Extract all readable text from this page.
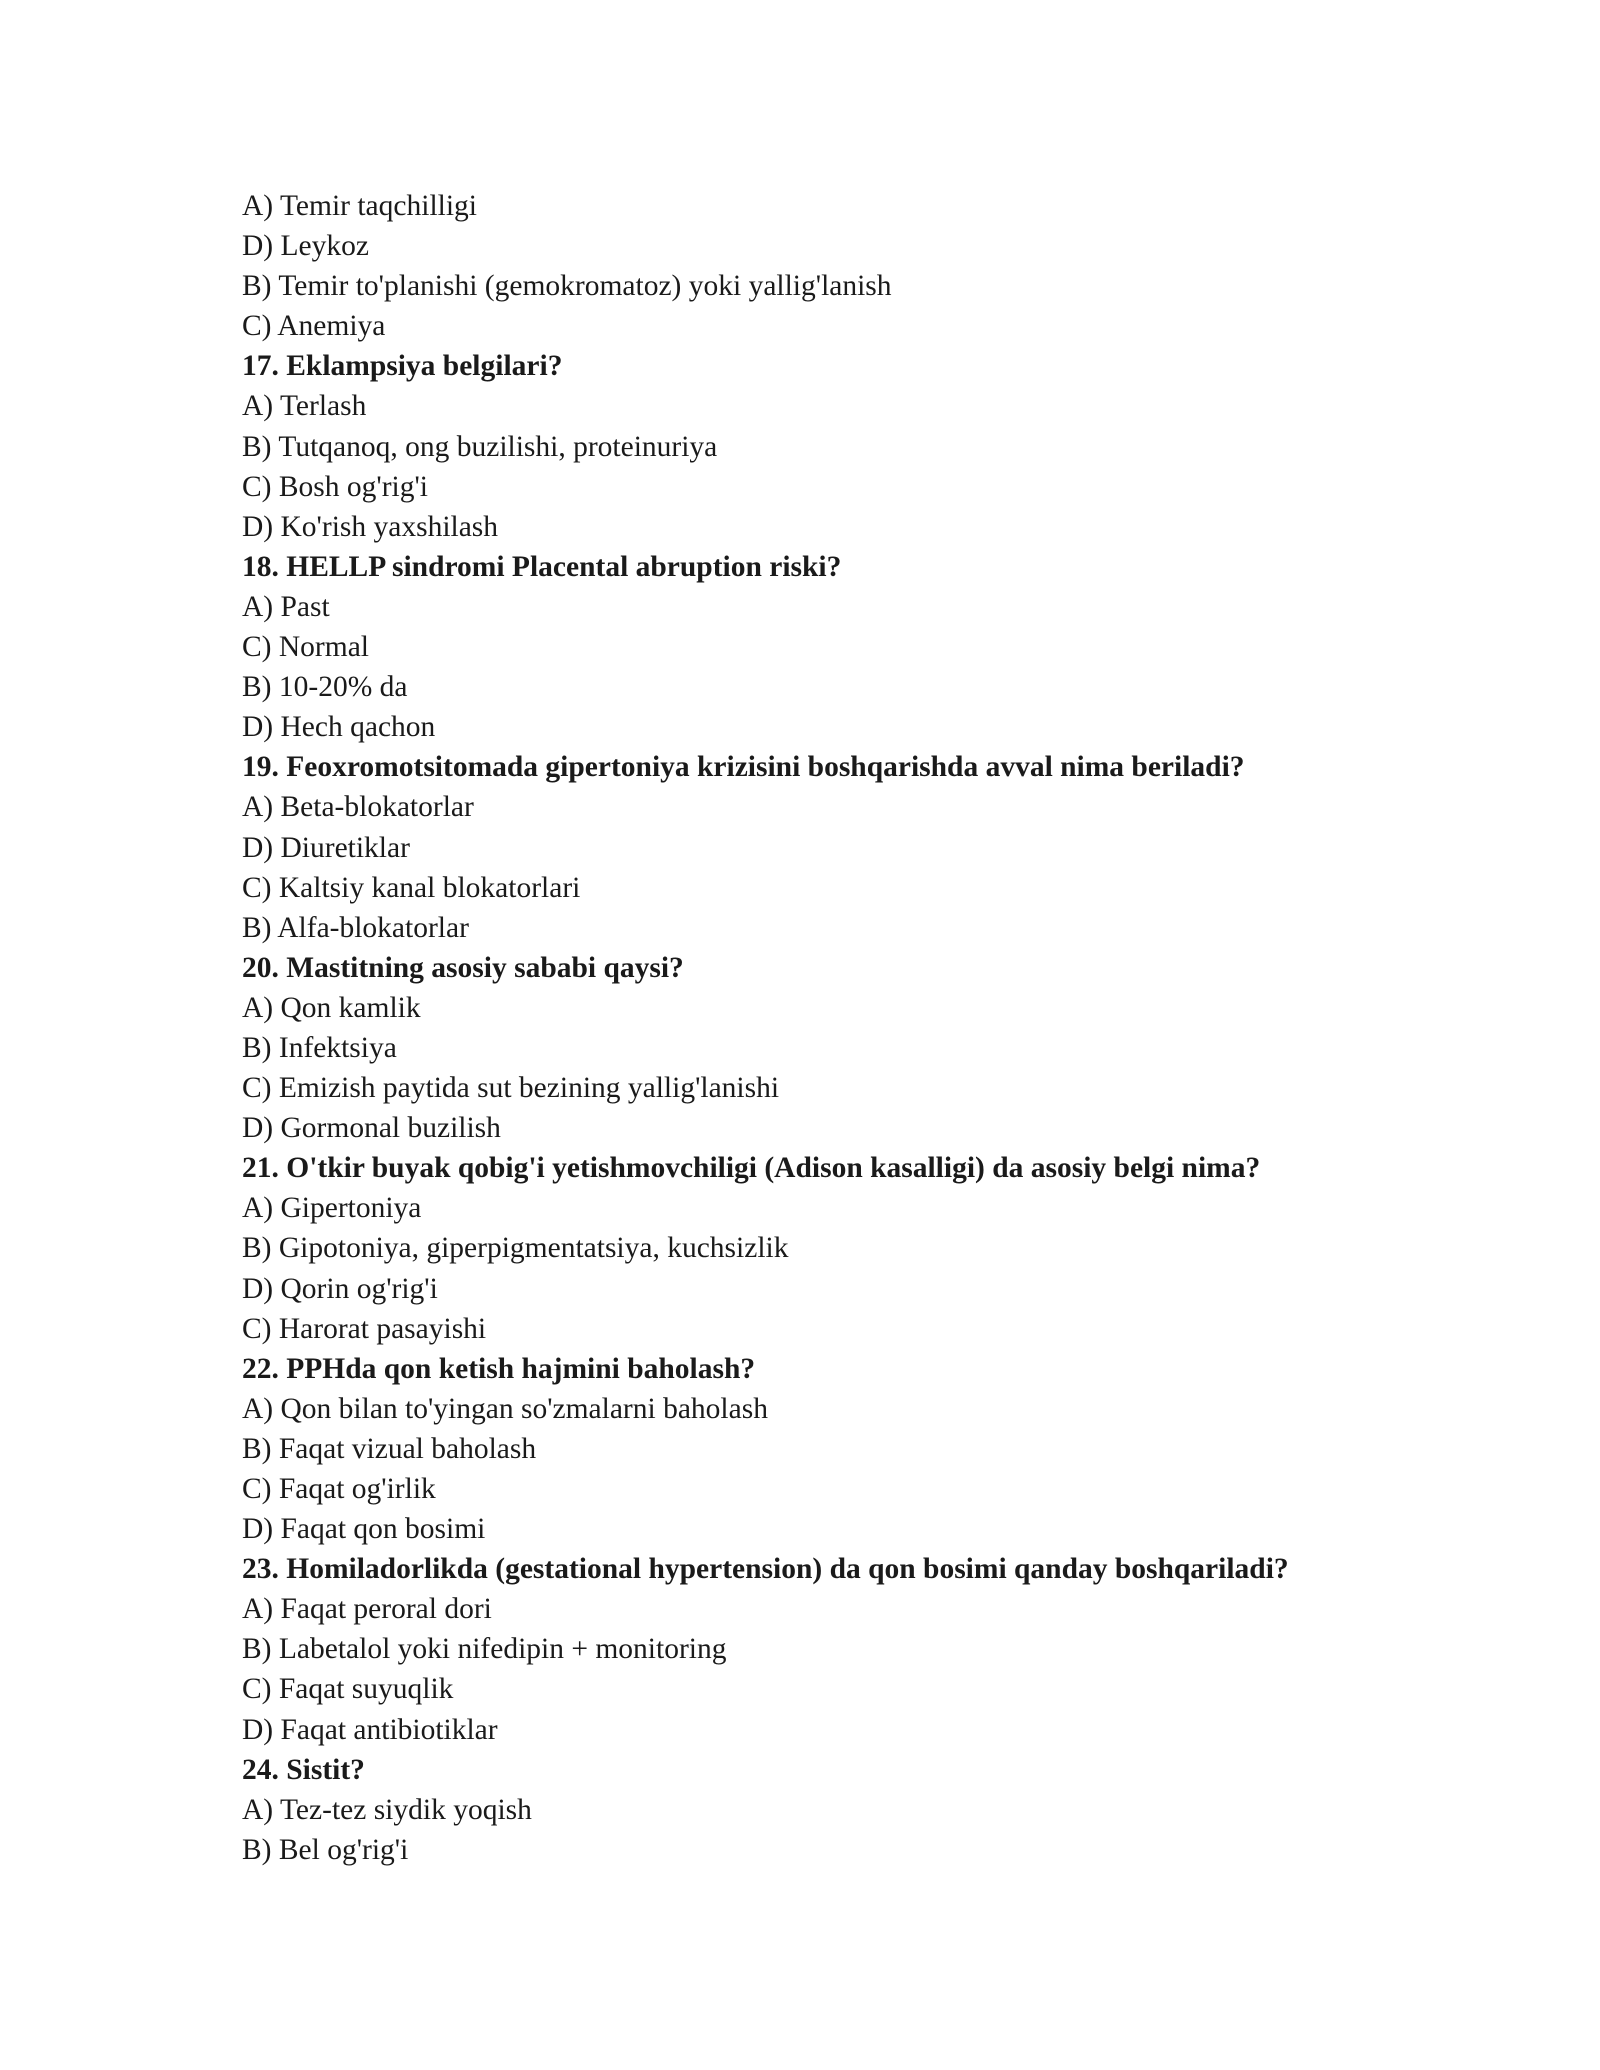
A) Temir taqchilligi
D) Leykoz
B) Temir to'planishi (gemokromatoz) yoki yallig'lanish
C) Anemiya
17. Eklampsiya belgilari?
A) Terlash
B) Tutqanoq, ong buzilishi, proteinuriya
C) Bosh og'rig'i
D) Ko'rish yaxshilash
18. HELLP sindromi Placental abruption riski?
A) Past
C) Normal
B) 10-20% da
D) Hech qachon
19. Feoxromotsitomada gipertoniya krizisini boshqarishda avval nima beriladi?
A) Beta-blokatorlar
D) Diuretiklar
C) Kaltsiy kanal blokatorlari
B) Alfa-blokatorlar
20. Mastitning asosiy sababi qaysi?
A) Qon kamlik
B) Infektsiya
C) Emizish paytida sut bezining yallig'lanishi
D) Gormonal buzilish
21. O'tkir buyak qobig'i yetishmovchiligi (Adison kasalligi) da asosiy belgi nima?
A) Gipertoniya
B) Gipotoniya, giperpigmentatsiya, kuchsizlik
D) Qorin og'rig'i
C) Harorat pasayishi
22. PPHda qon ketish hajmini baholash?
A) Qon bilan to'yingan so'zmalarni baholash
B) Faqat vizual baholash
C) Faqat og'irlik
D) Faqat qon bosimi
23. Homiladorlikda (gestational hypertension) da qon bosimi qanday boshqariladi?
A) Faqat peroral dori
B) Labetalol yoki nifedipin + monitoring
C) Faqat suyuqlik
D) Faqat antibiotiklar
24. Sistit?
A) Tez-tez siydik yoqish
B) Bel og'rig'i
